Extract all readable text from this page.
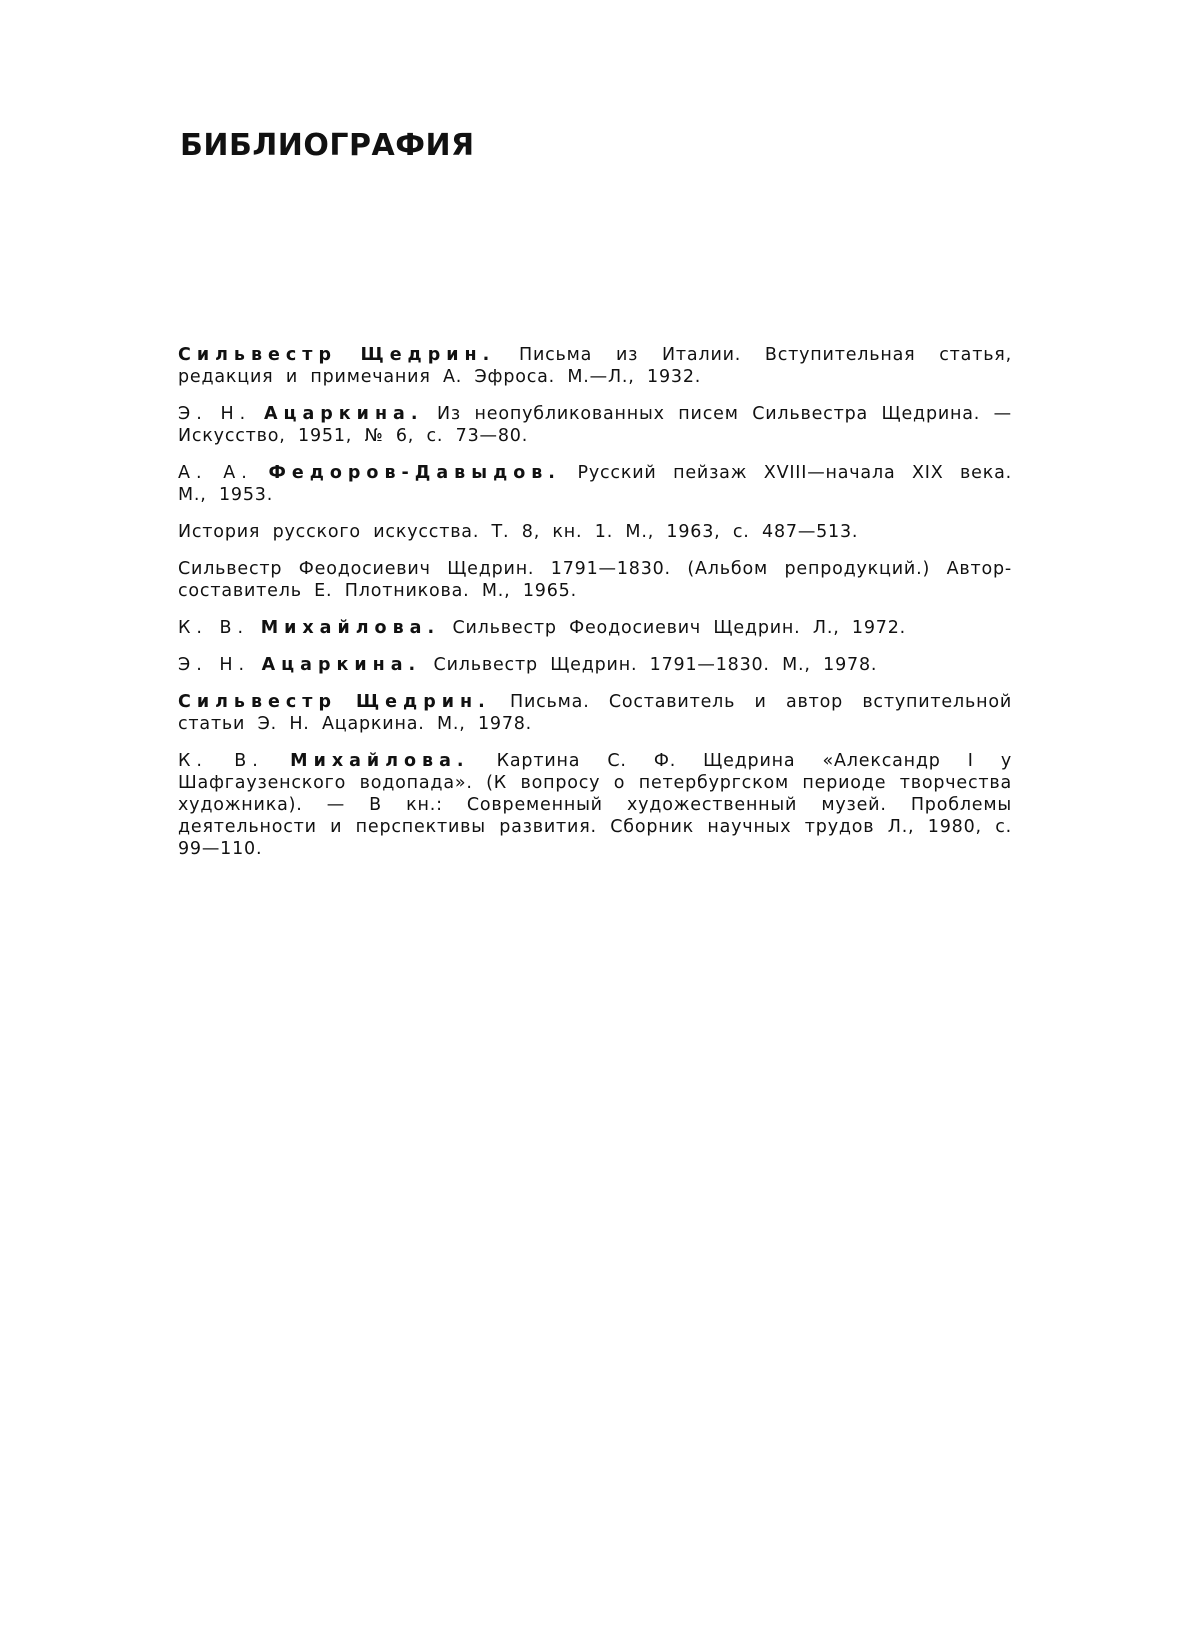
БИБЛИОГРАФИЯ
Сильвестр Щедрин. Письма из Италии. Вступительная статья, редакция и примечания А. Эфроса. М.—Л., 1932.
Э. Н. Ацаркина. Из неопубликованных писем Сильвестра Щедрина. — Искусство, 1951, № 6, с. 73—80.
А. А. Федоров-Давыдов. Русский пейзаж XVIII—начала XIX века. М., 1953.
История русского искусства. Т. 8, кн. 1. М., 1963, с. 487—513.
Сильвестр Феодосиевич Щедрин. 1791—1830. (Альбом репродукций.) Автор-составитель Е. Плотникова. М., 1965.
К. В. Михайлова. Сильвестр Феодосиевич Щедрин. Л., 1972.
Э. Н. Ацаркина. Сильвестр Щедрин. 1791—1830. М., 1978.
Сильвестр Щедрин. Письма. Составитель и автор вступительной статьи Э. Н. Ацаркина. М., 1978.
К. В. Михайлова. Картина С. Ф. Щедрина «Александр I у Шафгаузенского водопада». (К вопросу о петербургском периоде творчества художника). — В кн.: Современный художественный музей. Проблемы деятельности и перспективы развития. Сборник научных трудов Л., 1980, с. 99—110.
